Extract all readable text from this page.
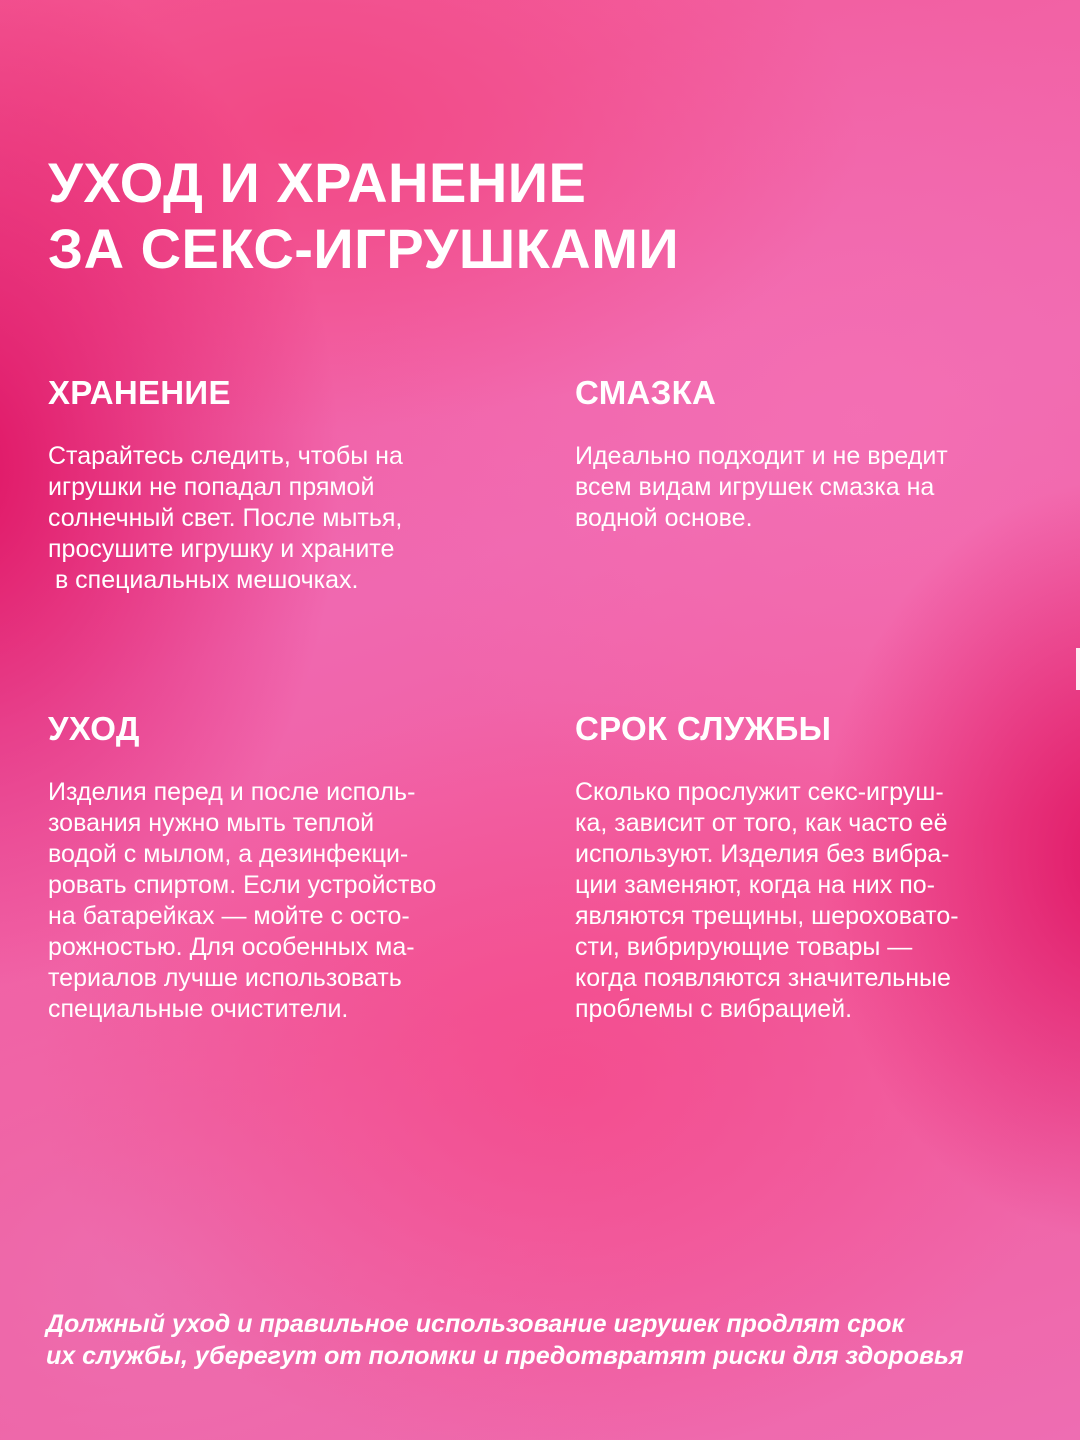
УХОД И ХРАНЕНИЕ
ЗА СЕКС-ИГРУШКАМИ
ХРАНЕНИЕ

Старайтесь следить, чтобы на
игрушки не попадал прямой
солнечный свет. После мытья,
просушите игрушку и храните
в специальных мешочках.

СМАЗКА

Идеально подходит и не вредит
всем видам игрушек смазка на
водной основе.

УХОД

Изделия перед и после исполь-
зования нужно мыть теплой
водой с мылом, а дезинфекци-
ровать спиртом. Если устройство
на батарейках — мойте с осто-
рожностью. Для особенных ма-
териалов лучше использовать
специальные очистители.

СРОК СЛУЖБЫ

Сколько прослужит секс-игруш-
ка, зависит от того, как часто её
используют. Изделия без вибра-
ции заменяют, когда на них по-
являются трещины, шероховато-
сти, вибрирующие товары —
когда появляются значительные
проблемы с вибрацией.

Должный уход и правильное использование игрушек продлят срок
их службы, уберегут от поломки и предотвратят риски для здоровья
